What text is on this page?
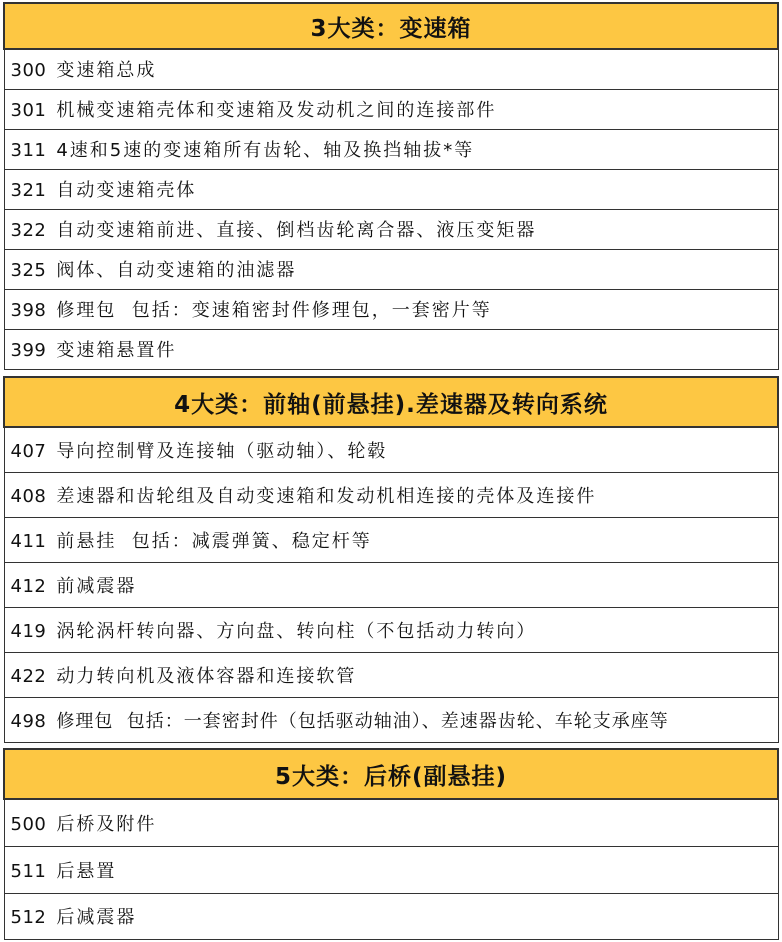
3大类：变速箱
300 变速箱总成
301 机械变速箱壳体和变速箱及发动机之间的连接部件
311 4速和5速的变速箱所有齿轮、轴及换挡轴拔*等
321 自动变速箱壳体
322 自动变速箱前进、直接、倒档齿轮离合器、液压变矩器
325 阀体、自动变速箱的油滤器
398 修理包  包括：变速箱密封件修理包，一套密片等
399 变速箱悬置件
4大类：前轴(前悬挂).差速器及转向系统
407 导向控制臂及连接轴（驱动轴）、轮毂
408 差速器和齿轮组及自动变速箱和发动机相连接的壳体及连接件
411 前悬挂  包括：减震弹簧、稳定杆等
412 前减震器
419 涡轮涡杆转向器、方向盘、转向柱（不包括动力转向）
422 动力转向机及液体容器和连接软管
498 修理包  包括：一套密封件（包括驱动轴油）、差速器齿轮、车轮支承座等
5大类：后桥(副悬挂)
500 后桥及附件
511 后悬置
512 后减震器
